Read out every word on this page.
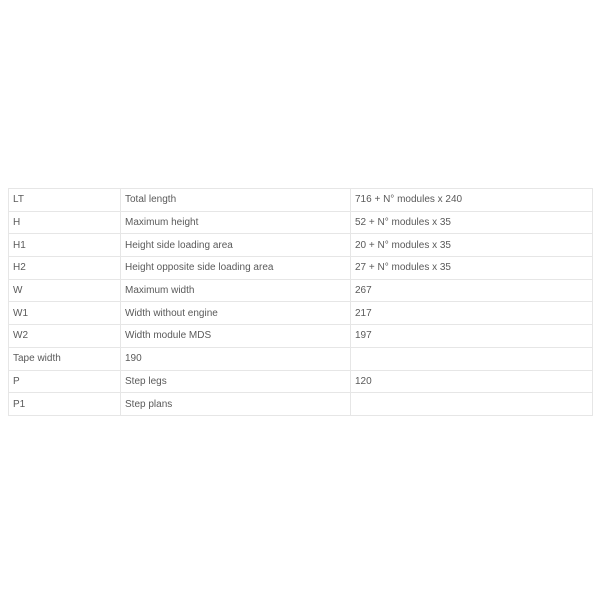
LT	Total length	716 + N° modules x 240
H	Maximum height	52 + N° modules x 35
H1	Height side loading area	20 + N° modules x 35
H2	Height opposite side loading area	27 + N° modules x 35
W	Maximum width	267
W1	Width without engine	217
W2	Width module MDS	197
Tape width	190	
P	Step legs	120
P1	Step plans	
